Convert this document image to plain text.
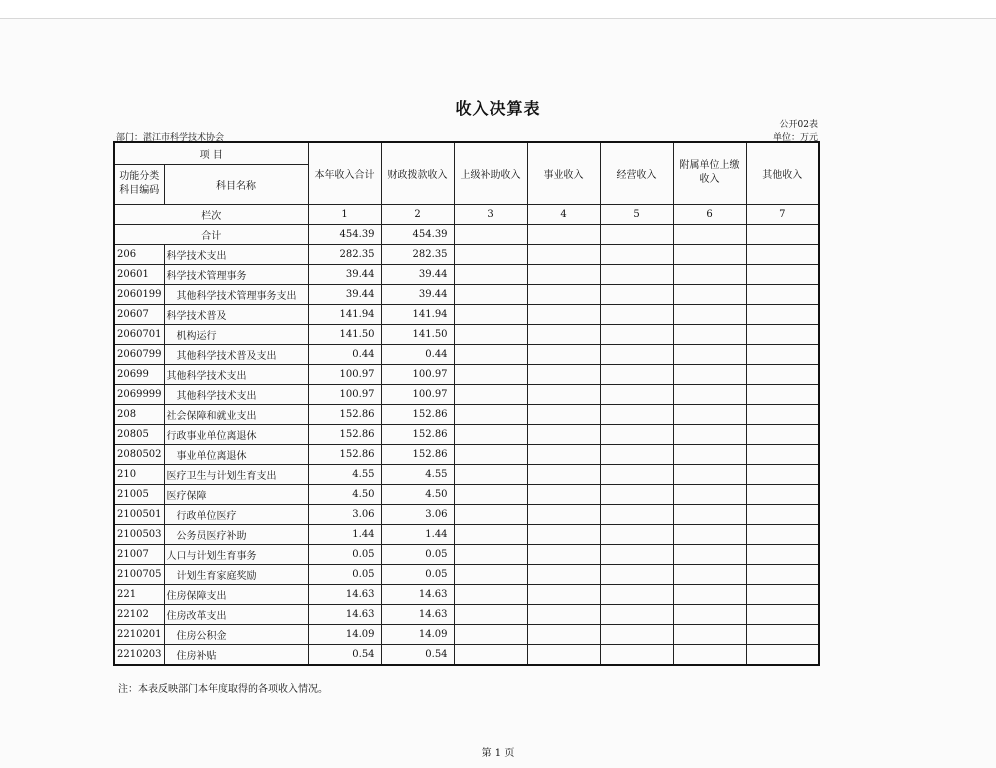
收入决算表
公开02表
部门：湛江市科学技术协会	单位：万元
项 目		本年收入合计	财政拨款收入	上级补助收入	事业收入	经营收入	附属单位上缴收入	其他收入
功能分类科目编码	科目名称							
栏次		1	2	3	4	5	6	7
合计		454.39	454.39					
206	科学技术支出	282.35	282.35					
20601	科学技术管理事务	39.44	39.44					
2060199	其他科学技术管理事务支出	39.44	39.44					
20607	科学技术普及	141.94	141.94					
2060701	机构运行	141.50	141.50					
2060799	其他科学技术普及支出	0.44	0.44					
20699	其他科学技术支出	100.97	100.97					
2069999	其他科学技术支出	100.97	100.97					
208	社会保障和就业支出	152.86	152.86					
20805	行政事业单位离退休	152.86	152.86					
2080502	事业单位离退休	152.86	152.86					
210	医疗卫生与计划生育支出	4.55	4.55					
21005	医疗保障	4.50	4.50					
2100501	行政单位医疗	3.06	3.06					
2100503	公务员医疗补助	1.44	1.44					
21007	人口与计划生育事务	0.05	0.05					
2100705	计划生育家庭奖励	0.05	0.05					
221	住房保障支出	14.63	14.63					
22102	住房改革支出	14.63	14.63					
2210201	住房公积金	14.09	14.09					
2210203	住房补贴	0.54	0.54					
注：本表反映部门本年度取得的各项收入情况。
第 1 页
